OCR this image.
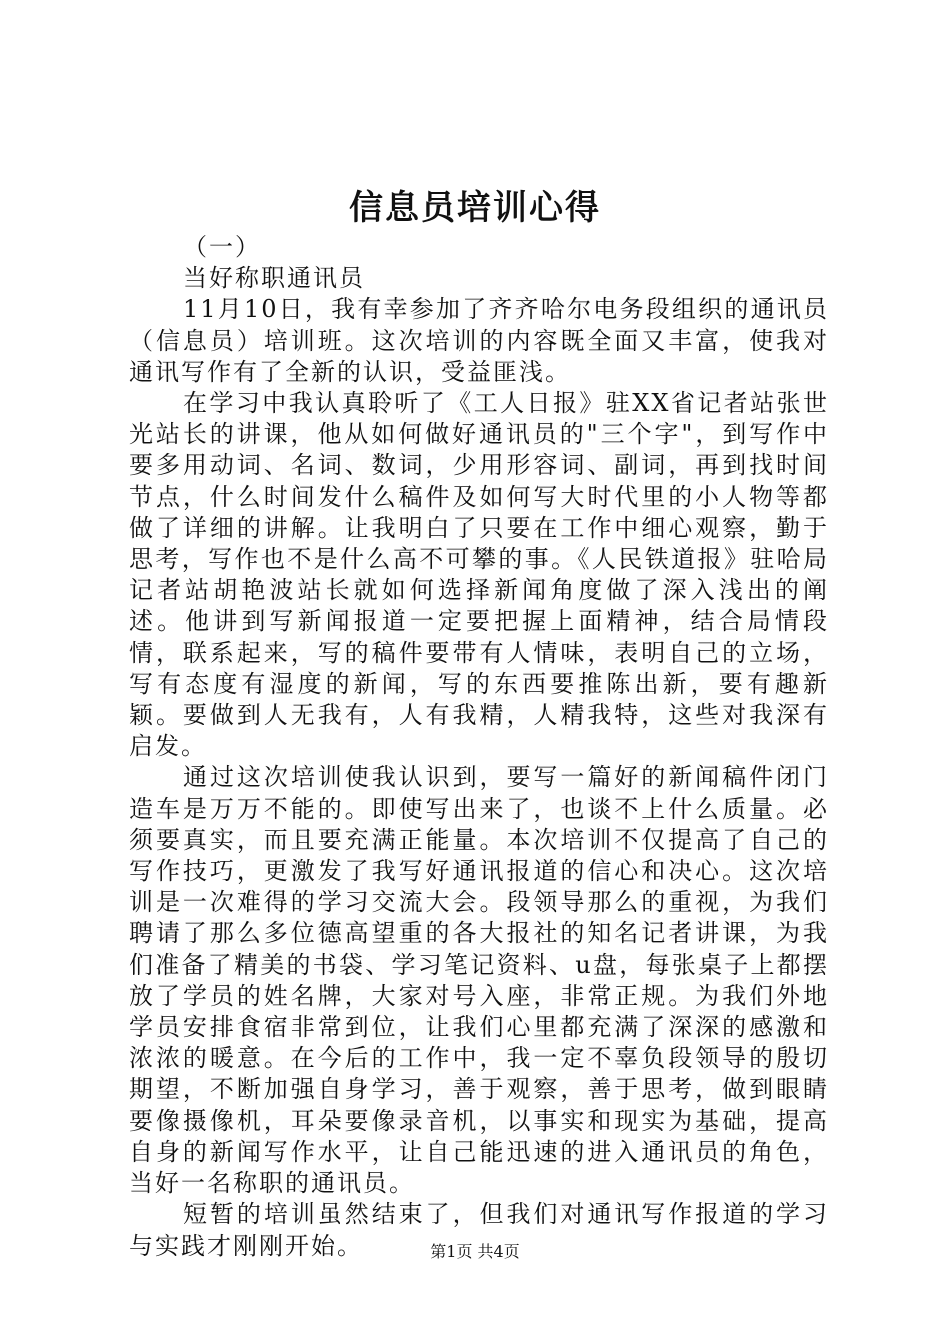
信息员培训心得

（一）

当好称职通讯员

11月10日，我有幸参加了齐齐哈尔电务段组织的通讯员（信息员）培训班。这次培训的内容既全面又丰富，使我对通讯写作有了全新的认识，受益匪浅。

在学习中我认真聆听了《工人日报》驻XX省记者站张世光站长的讲课，他从如何做好通讯员的"三个字"，到写作中要多用动词、名词、数词，少用形容词、副词，再到找时间节点，什么时间发什么稿件及如何写大时代里的小人物等都做了详细的讲解。让我明白了只要在工作中细心观察，勤于思考，写作也不是什么高不可攀的事。《人民铁道报》驻哈局记者站胡艳波站长就如何选择新闻角度做了深入浅出的阐述。他讲到写新闻报道一定要把握上面精神，结合局情段情，联系起来，写的稿件要带有人情味，表明自己的立场，写有态度有湿度的新闻，写的东西要推陈出新，要有趣新颖。要做到人无我有，人有我精，人精我特，这些对我深有启发。

通过这次培训使我认识到，要写一篇好的新闻稿件闭门造车是万万不能的。即使写出来了，也谈不上什么质量。必须要真实，而且要充满正能量。本次培训不仅提高了自己的写作技巧，更激发了我写好通讯报道的信心和决心。这次培训是一次难得的学习交流大会。段领导那么的重视，为我们聘请了那么多位德高望重的各大报社的知名记者讲课，为我们准备了精美的书袋、学习笔记资料、u盘，每张桌子上都摆放了学员的姓名牌，大家对号入座，非常正规。为我们外地学员安排食宿非常到位，让我们心里都充满了深深的感激和浓浓的暖意。在今后的工作中，我一定不辜负段领导的殷切期望，不断加强自身学习，善于观察，善于思考，做到眼睛要像摄像机，耳朵要像录音机，以事实和现实为基础，提高自身的新闻写作水平，让自己能迅速的进入通讯员的角色，当好一名称职的通讯员。

短暂的培训虽然结束了，但我们对通讯写作报道的学习与实践才刚刚开始。	第1页 共4页
